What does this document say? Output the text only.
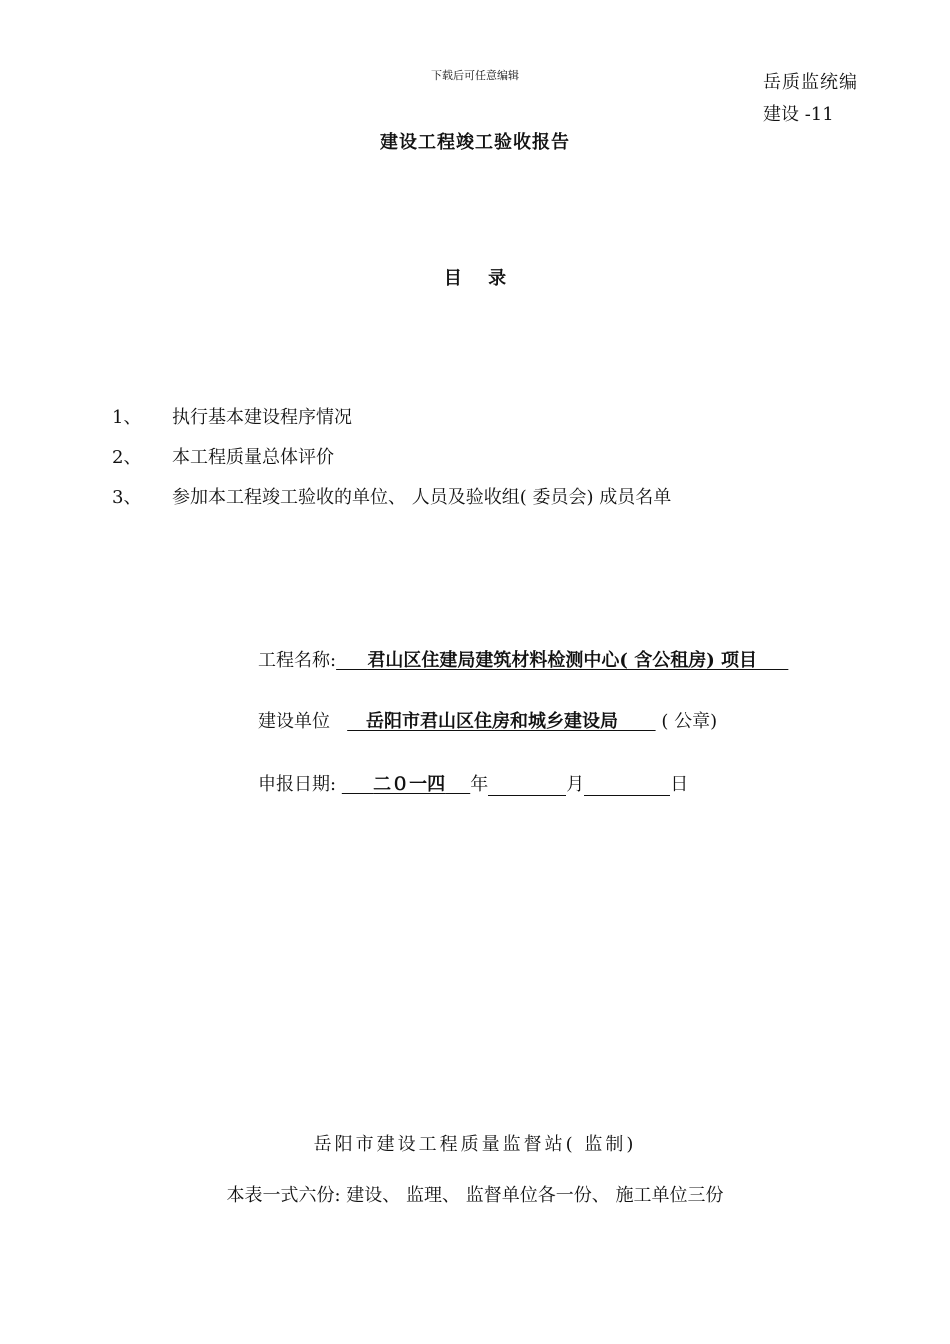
下载后可任意编辑	岳质监统编
建设 -11
建设工程竣工验收报告
目 录
1、 执行基本建设程序情况
2、 本工程质量总体评价
3、 参加本工程竣工验收的单位、 人员及验收组( 委员会) 成员名单
工程名称: 君山区住建局建筑材料检测中心( 含公租房) 项目
建设单位 岳阳市君山区住房和城乡建设局 ( 公章)
申报日期: 二０一四 年	月	日
岳阳市建设工程质量监督站( 监制)
本表一式六份: 建设、 监理、 监督单位各一份、 施工单位三份
